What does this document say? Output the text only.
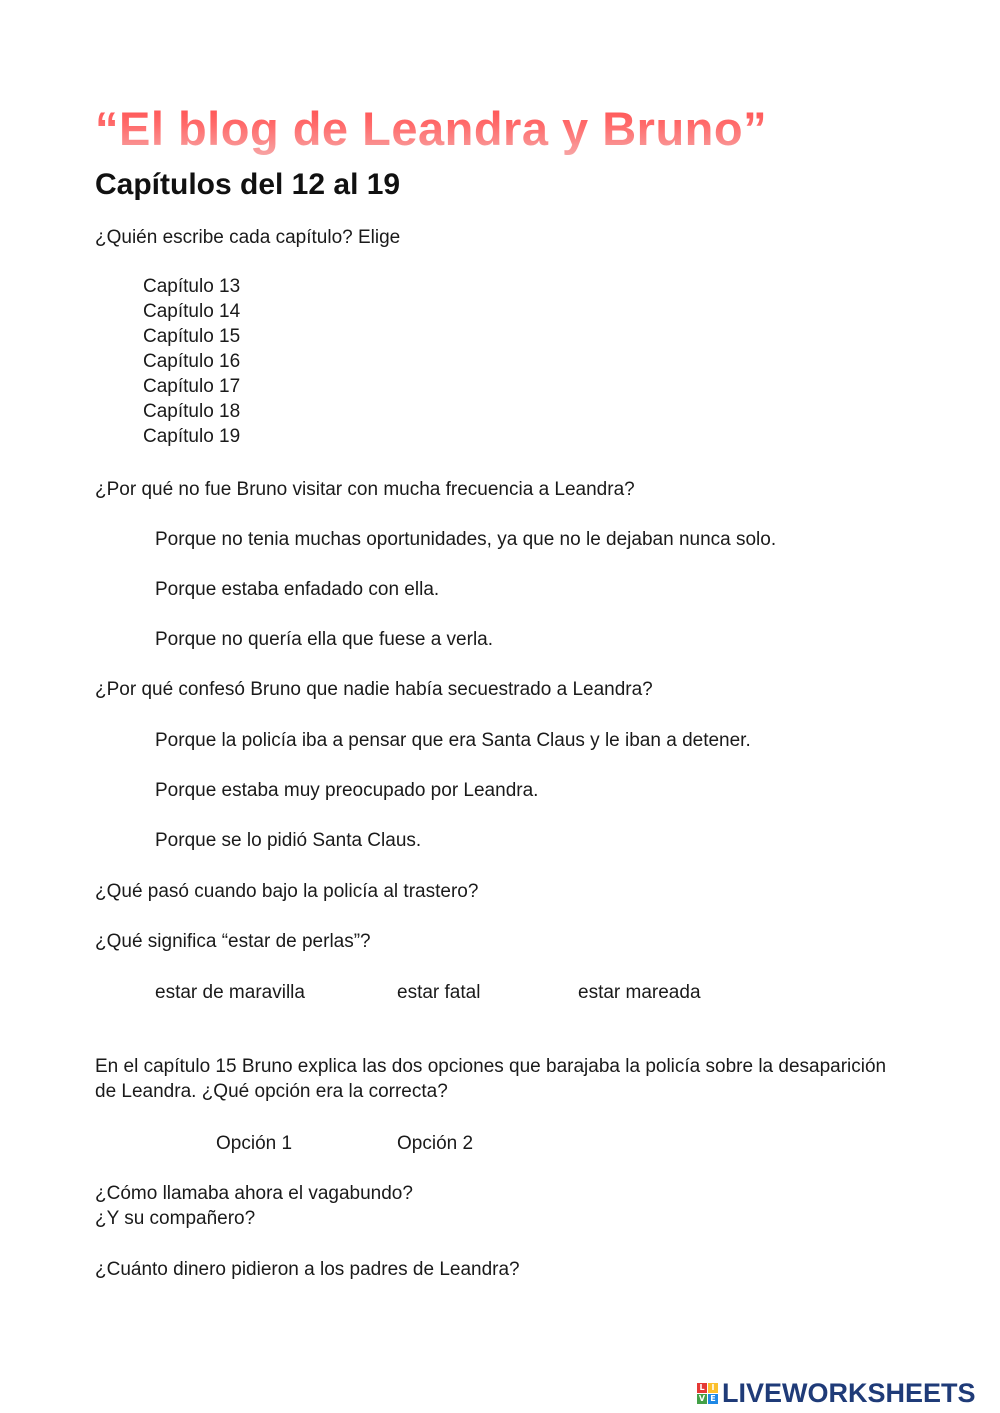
“El blog de Leandra y Bruno”
Capítulos del 12 al 19
¿Quién escribe cada capítulo? Elige
Capítulo 13
Capítulo 14
Capítulo 15
Capítulo 16
Capítulo 17
Capítulo 18
Capítulo 19
¿Por qué no fue Bruno visitar con mucha frecuencia a Leandra?
Porque no tenia muchas oportunidades, ya que no le dejaban nunca solo.
Porque estaba enfadado con ella.
Porque no quería ella que fuese a verla.
¿Por qué confesó Bruno que nadie había secuestrado a Leandra?
Porque la policía iba a pensar que era Santa Claus y le iban a detener.
Porque estaba muy preocupado por Leandra.
Porque se lo pidió Santa Claus.
¿Qué pasó cuando bajo la policía al trastero?
¿Qué significa “estar de perlas”?
estar de maravilla	estar fatal	estar mareada
En el capítulo 15 Bruno explica las dos opciones que barajaba la policía sobre la desaparición de Leandra. ¿Qué opción era la correcta?
Opción 1	Opción 2
¿Cómo llamaba ahora el vagabundo?
¿Y su compañero?
¿Cuánto dinero pidieron a los padres de Leandra?
L I
V E LIVEWORKSHEETS
